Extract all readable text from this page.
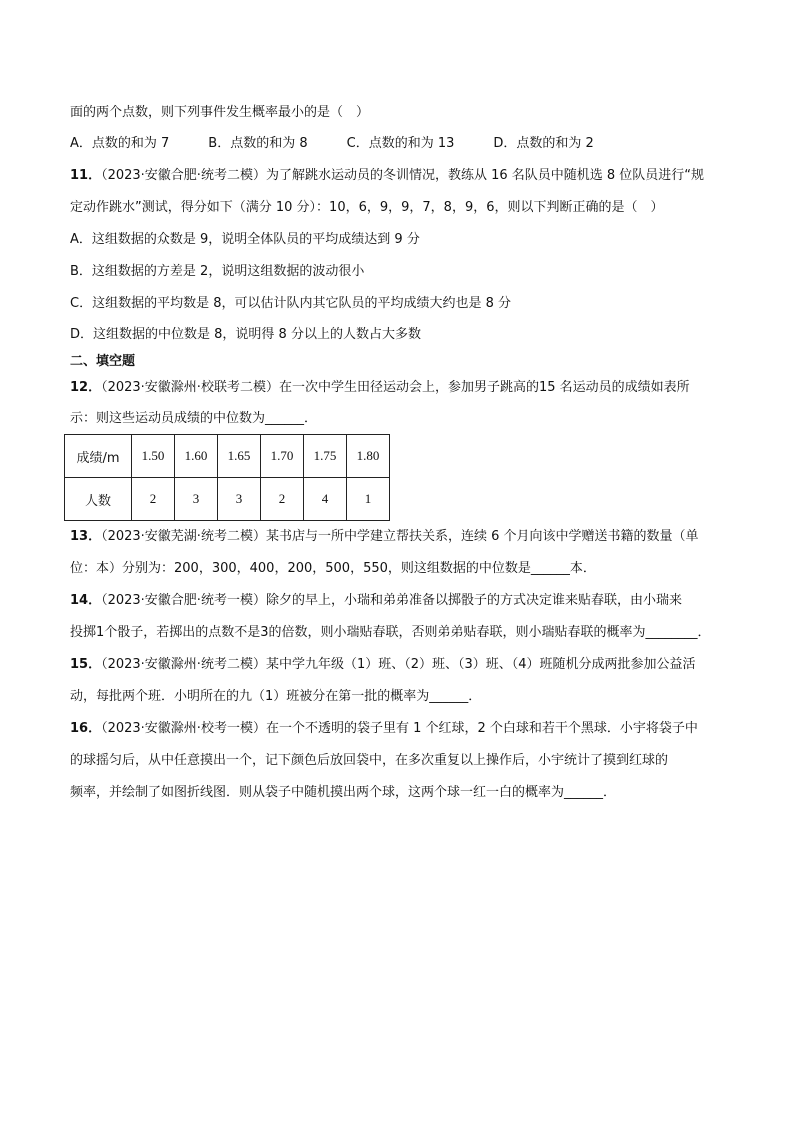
面的两个点数，则下列事件发生概率最小的是（　）
A．点数的和为 7　　　B．点数的和为 8　　　C．点数的和为 13　　　D．点数的和为 2
11．（2023·安徽合肥·统考二模）为了解跳水运动员的冬训情况，教练从 16 名队员中随机选 8 位队员进行“规
定动作跳水”测试，得分如下（满分 10 分）：10，6，9，9，7，8，9，6，则以下判断正确的是（　）
A．这组数据的众数是 9，说明全体队员的平均成绩达到 9 分
B．这组数据的方差是 2，说明这组数据的波动很小
C．这组数据的平均数是 8，可以估计队内其它队员的平均成绩大约也是 8 分
D．这组数据的中位数是 8，说明得 8 分以上的人数占大多数
二、填空题
12．（2023·安徽滁州·校联考二模）在一次中学生田径运动会上，参加男子跳高的15 名运动员的成绩如表所
示：则这些运动员成绩的中位数为______．
成绩/m	1.50	1.60	1.65	1.70	1.75	1.80
人数	2	3	3	2	4	1
13．（2023·安徽芜湖·统考二模）某书店与一所中学建立帮扶关系，连续 6 个月向该中学赠送书籍的数量（单
位：本）分别为：200，300，400，200，500，550，则这组数据的中位数是______本．
14．（2023·安徽合肥·统考一模）除夕的早上，小瑞和弟弟准备以掷骰子的方式决定谁来贴春联，由小瑞来
投掷1个骰子，若掷出的点数不是3的倍数，则小瑞贴春联，否则弟弟贴春联，则小瑞贴春联的概率为________．
15．（2023·安徽滁州·统考二模）某中学九年级（1）班、（2）班、（3）班、（4）班随机分成两批参加公益活
动，每批两个班．小明所在的九（1）班被分在第一批的概率为______．
16．（2023·安徽滁州·校考一模）在一个不透明的袋子里有 1 个红球，2 个白球和若干个黑球．小宇将袋子中
的球摇匀后，从中任意摸出一个，记下颜色后放回袋中，在多次重复以上操作后，小宇统计了摸到红球的
频率，并绘制了如图折线图．则从袋子中随机摸出两个球，这两个球一红一白的概率为______．
